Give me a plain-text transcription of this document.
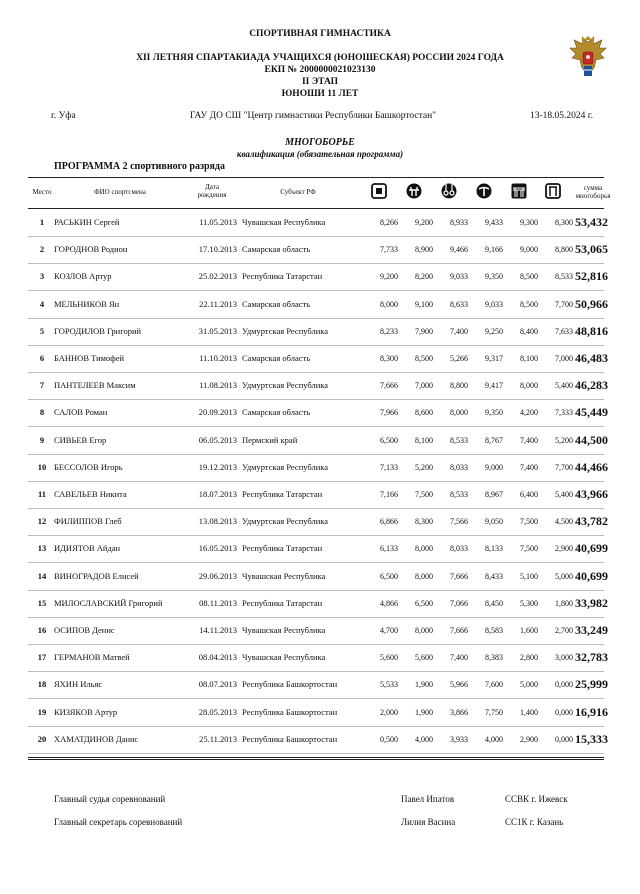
СПОРТИВНАЯ ГИМНАСТИКА
XII ЛЕТНЯЯ СПАРТАКИАДА УЧАЩИХСЯ (ЮНОШЕСКАЯ) РОССИИ 2024 ГОДА
ЕКП № 2000000021023130
II ЭТАП
ЮНОШИ 11 ЛЕТ
г. Уфа	ГАУ ДО СШ "Центр гимнастики Республики Башкортостан"	13-18.05.2024 г.
МНОГОБОРЬЕ
квалификация (обязательная программа)
ПРОГРАММА 2 спортивного разряда
Место	ФИО спортсмена
Дата рождения	Субъект РФ	сумма многоборья
1	РАСЬКИН Сергей	11.05.2013 Чувашская Республика	8,266	9,200	8,933	9,433	9,300	8,300 53,432
2	ГОРОДНОВ Родион	17.10.2013 Самарская область	7,733	8,900	9,466	9,166	9,000	8,800 53,065
3	КОЗЛОВ Артур	25.02.2013 Республика Татарстан	9,200	8,200	9,033	9,350	8,500	8,533 52,816
4	МЕЛЬНИКОВ Ян	22.11.2013 Самарская область	8,000	9,100	8,633	9,033	8,500	7,700 50,966
5	ГОРОДИЛОВ Григорий	31.05.2013 Удмуртская Республика	8,233	7,900	7,400	9,250	8,400	7,633 48,816
6	БАННОВ Тимофей	11.10.2013 Самарская область	8,300	8,500	5,266	9,317	8,100	7,000 46,483
7	ПАНТЕЛЕЕВ Максим	11.08.2013 Удмуртская Республика	7,666	7,000	8,800	9,417	8,000	5,400 46,283
8	САЛОВ Роман	20.09.2013 Самарская область	7,966	8,600	8,000	9,350	4,200	7,333 45,449
9	СИВЬЕВ Егор	06.05.2013 Пермский край	6,500	8,100	8,533	8,767	7,400	5,200 44,500
10 БЕССОЛОВ Игорь	19.12.2013 Удмуртская Республика	7,133	5,200	8,033	9,000	7,400	7,700 44,466
11 САВЕЛЬЕВ Никита	18.07.2013 Республика Татарстан	7,166	7,500	8,533	8,967	6,400	5,400 43,966
12 ФИЛИППОВ Глеб	13.08.2013 Удмуртская Республика	6,866	8,300	7,566	9,050	7,500	4,500 43,782
13 ИДИЯТОВ Айдан	16.05.2013 Республика Татарстан	6,133	8,000	8,033	8,133	7,500	2,900 40,699
14 ВИНОГРАДОВ Елисей	29.06.2013 Чувашская Республика	6,500	8,000	7,666	8,433	5,100	5,000 40,699
15 МИЛОСЛАВСКИЙ Григорий	08.11.2013 Республика Татарстан	4,866	6,500	7,066	8,450	5,300	1,800 33,982
16 ОСИПОВ Денис	14.11.2013 Чувашская Республика	4,700	8,000	7,666	8,583	1,600	2,700 33,249
17 ГЕРМАНОВ Матвей	08.04.2013 Чувашская Республика	5,600	5,600	7,400	8,383	2,800	3,000 32,783
18 ЯХИН Ильяс	08.07.2013 Республика Башкортостан	5,533	1,900	5,966	7,600	5,000	0,000 25,999
19 КИЗЯКОВ Артур	28.05.2013 Республика Башкортостан	2,000	1,900	3,866	7,750	1,400	0,000 16,916
20 ХАМАТДИНОВ Данис	25.11.2013 Республика Башкортостан	0,500	4,000	3,933	4,000	2,900	0,000 15,333
Главный судья соревнований	Павел Ипатов	ССВК г. Ижевск
Главный секретарь соревнований	Лилия Васина	СС1К г. Казань
